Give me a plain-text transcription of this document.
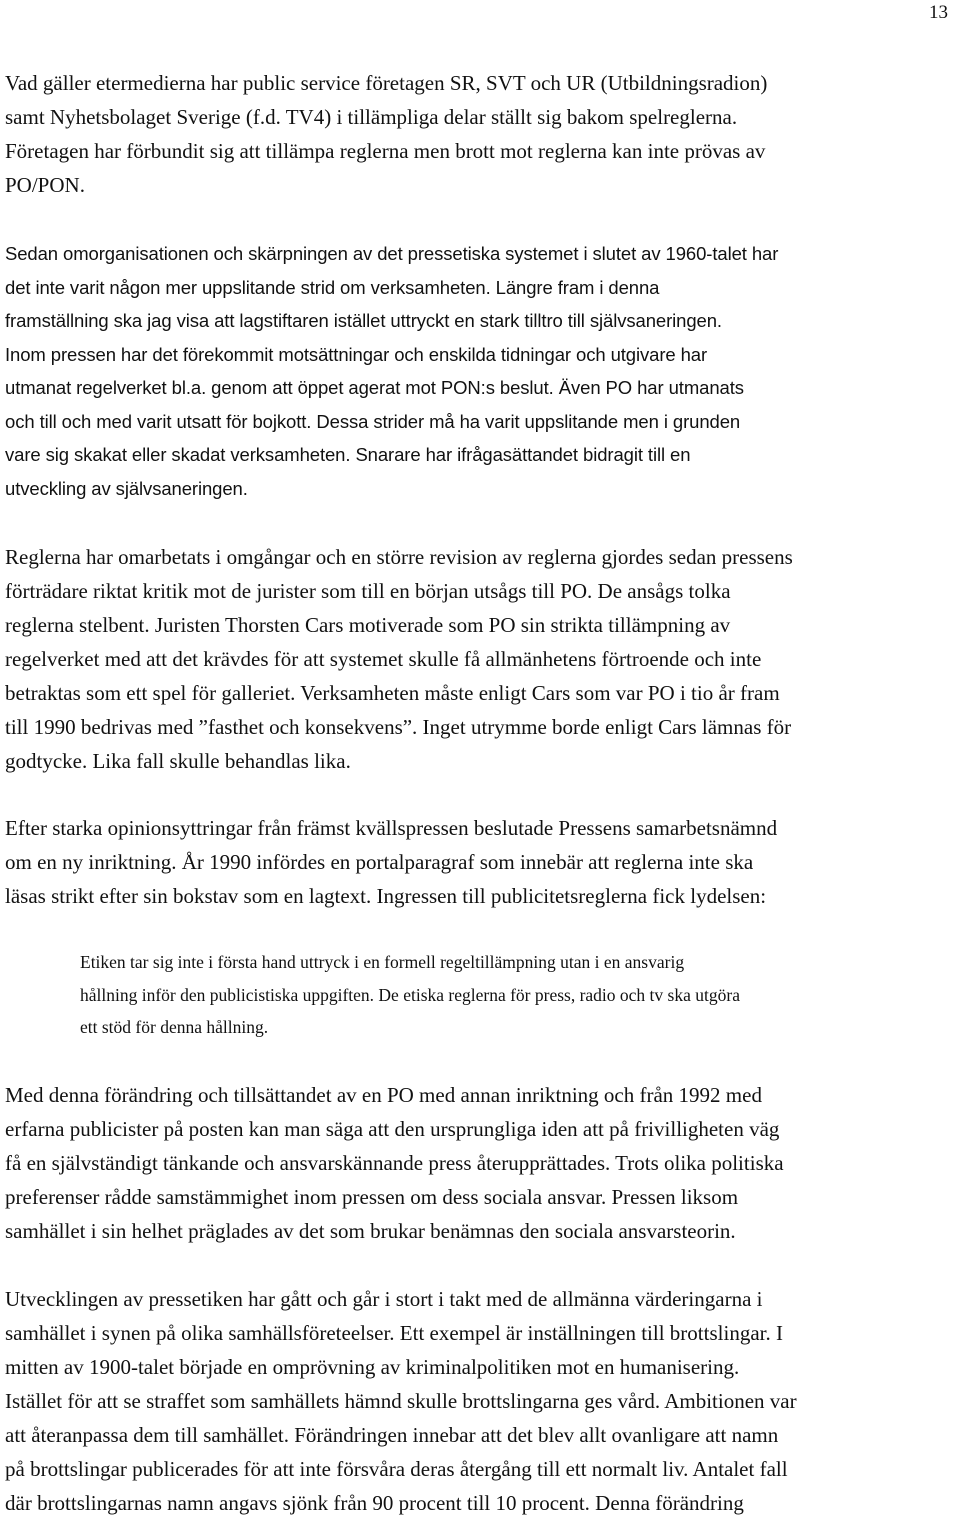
13

Vad gäller etermedierna har public service företagen SR, SVT och UR (Utbildningsradion)
samt Nyhetsbolaget Sverige (f.d. TV4) i tillämpliga delar ställt sig bakom spelreglerna.
Företagen har förbundit sig att tillämpa reglerna men brott mot reglerna kan inte prövas av
PO/PON.

Sedan omorganisationen och skärpningen av det pressetiska systemet i slutet av 1960-talet har
det inte varit någon mer uppslitande strid om verksamheten. Längre fram i denna
framställning ska jag visa att lagstiftaren istället uttryckt en stark tilltro till självsaneringen.
Inom pressen har det förekommit motsättningar och enskilda tidningar och utgivare har
utmanat regelverket bl.a. genom att öppet agerat mot PON:s beslut. Även PO har utmanats
och till och med varit utsatt för bojkott. Dessa strider må ha varit uppslitande men i grunden
vare sig skakat eller skadat verksamheten. Snarare har ifrågasättandet bidragit till en
utveckling av självsaneringen.

Reglerna har omarbetats i omgångar och en större revision av reglerna gjordes sedan pressens
förträdare riktat kritik mot de jurister som till en början utsågs till PO. De ansågs tolka
reglerna stelbent. Juristen Thorsten Cars motiverade som PO sin strikta tillämpning av
regelverket med att det krävdes för att systemet skulle få allmänhetens förtroende och inte
betraktas som ett spel för galleriet. Verksamheten måste enligt Cars som var PO i tio år fram
till 1990 bedrivas med ”fasthet och konsekvens”. Inget utrymme borde enligt Cars lämnas för
godtycke. Lika fall skulle behandlas lika.

Efter starka opinionsyttringar från främst kvällspressen beslutade Pressens samarbetsnämnd
om en ny inriktning. År 1990 infördes en portalparagraf som innebär att reglerna inte ska
läsas strikt efter sin bokstav som en lagtext. Ingressen till publicitetsreglerna fick lydelsen:

Etiken tar sig inte i första hand uttryck i en formell regeltillämpning utan i en ansvarig
hållning inför den publicistiska uppgiften. De etiska reglerna för press, radio och tv ska utgöra
ett stöd för denna hållning.

Med denna förändring och tillsättandet av en PO med annan inriktning och från 1992 med
erfarna publicister på posten kan man säga att den ursprungliga iden att på frivilligheten väg
få en självständigt tänkande och ansvarskännande press återupprättades. Trots olika politiska
preferenser rådde samstämmighet inom pressen om dess sociala ansvar. Pressen liksom
samhället i sin helhet präglades av det som brukar benämnas den sociala ansvarsteorin.

Utvecklingen av pressetiken har gått och går i stort i takt med de allmänna värderingarna i
samhället i synen på olika samhällsföreteelser. Ett exempel är inställningen till brottslingar. I
mitten av 1900-talet började en omprövning av kriminalpolitiken mot en humanisering.
Istället för att se straffet som samhällets hämnd skulle brottslingarna ges vård. Ambitionen var
att återanpassa dem till samhället. Förändringen innebar att det blev allt ovanligare att namn
på brottslingar publicerades för att inte försvåra deras återgång till ett normalt liv. Antalet fall
där brottslingarnas namn angavs sjönk från 90 procent till 10 procent. Denna förändring
